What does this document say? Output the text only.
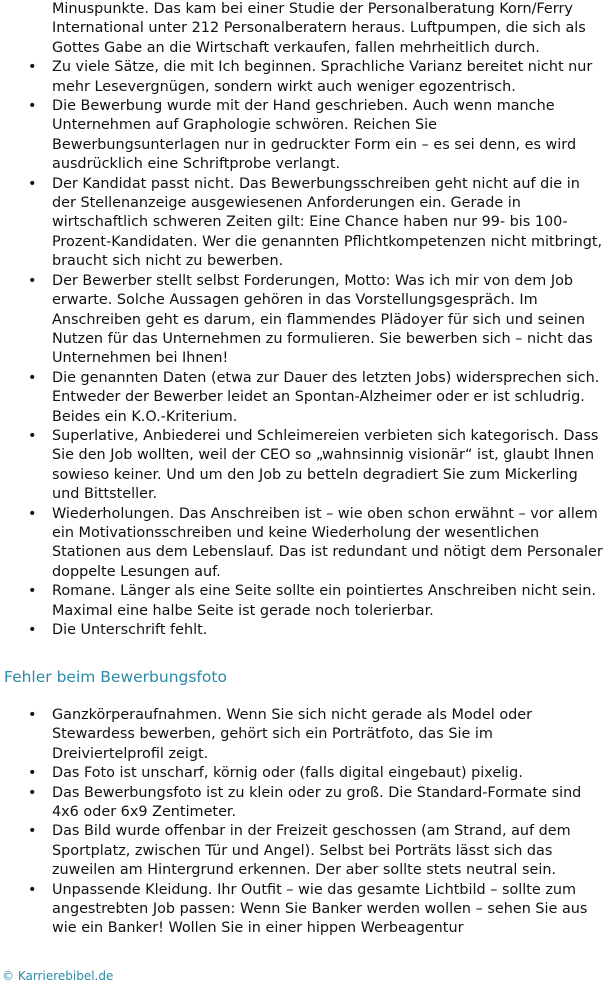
Minuspunkte. Das kam bei einer Studie der Personalberatung Korn/Ferry International unter 212 Personalberatern heraus. Luftpumpen, die sich als Gottes Gabe an die Wirtschaft verkaufen, fallen mehrheitlich durch.

• Zu viele Sätze, die mit Ich beginnen. Sprachliche Varianz bereitet nicht nur mehr Lesevergnügen, sondern wirkt auch weniger egozentrisch.
• Die Bewerbung wurde mit der Hand geschrieben. Auch wenn manche Unternehmen auf Graphologie schwören. Reichen Sie Bewerbungsunterlagen nur in gedruckter Form ein – es sei denn, es wird ausdrücklich eine Schriftprobe verlangt.
• Der Kandidat passt nicht. Das Bewerbungsschreiben geht nicht auf die in der Stellenanzeige ausgewiesenen Anforderungen ein. Gerade in wirtschaftlich schweren Zeiten gilt: Eine Chance haben nur 99- bis 100-Prozent-Kandidaten. Wer die genannten Pflichtkompetenzen nicht mitbringt, braucht sich nicht zu bewerben.
• Der Bewerber stellt selbst Forderungen, Motto: Was ich mir von dem Job erwarte. Solche Aussagen gehören in das Vorstellungsgespräch. Im Anschreiben geht es darum, ein flammendes Plädoyer für sich und seinen Nutzen für das Unternehmen zu formulieren. Sie bewerben sich – nicht das Unternehmen bei Ihnen!
• Die genannten Daten (etwa zur Dauer des letzten Jobs) widersprechen sich. Entweder der Bewerber leidet an Spontan-Alzheimer oder er ist schludrig. Beides ein K.O.-Kriterium.
• Superlative, Anbiederei und Schleimereien verbieten sich kategorisch. Dass Sie den Job wollten, weil der CEO so „wahnsinnig visionär“ ist, glaubt Ihnen sowieso keiner. Und um den Job zu betteln degradiert Sie zum Mickerling und Bittsteller.
• Wiederholungen. Das Anschreiben ist – wie oben schon erwähnt – vor allem ein Motivationsschreiben und keine Wiederholung der wesentlichen Stationen aus dem Lebenslauf. Das ist redundant und nötigt dem Personaler doppelte Lesungen auf.
• Romane. Länger als eine Seite sollte ein pointiertes Anschreiben nicht sein. Maximal eine halbe Seite ist gerade noch tolerierbar.
• Die Unterschrift fehlt.
Fehler beim Bewerbungsfoto
• Ganzkörperaufnahmen. Wenn Sie sich nicht gerade als Model oder Stewardess bewerben, gehört sich ein Porträtfoto, das Sie im Dreiviertelprofil zeigt.
• Das Foto ist unscharf, körnig oder (falls digital eingebaut) pixelig.
• Das Bewerbungsfoto ist zu klein oder zu groß. Die Standard-Formate sind 4x6 oder 6x9 Zentimeter.
• Das Bild wurde offenbar in der Freizeit geschossen (am Strand, auf dem Sportplatz, zwischen Tür und Angel). Selbst bei Porträts lässt sich das zuweilen am Hintergrund erkennen. Der aber sollte stets neutral sein.
• Unpassende Kleidung. Ihr Outfit – wie das gesamte Lichtbild – sollte zum angestrebten Job passen: Wenn Sie Banker werden wollen – sehen Sie aus wie ein Banker! Wollen Sie in einer hippen Werbeagentur

© Karrierebibel.de
